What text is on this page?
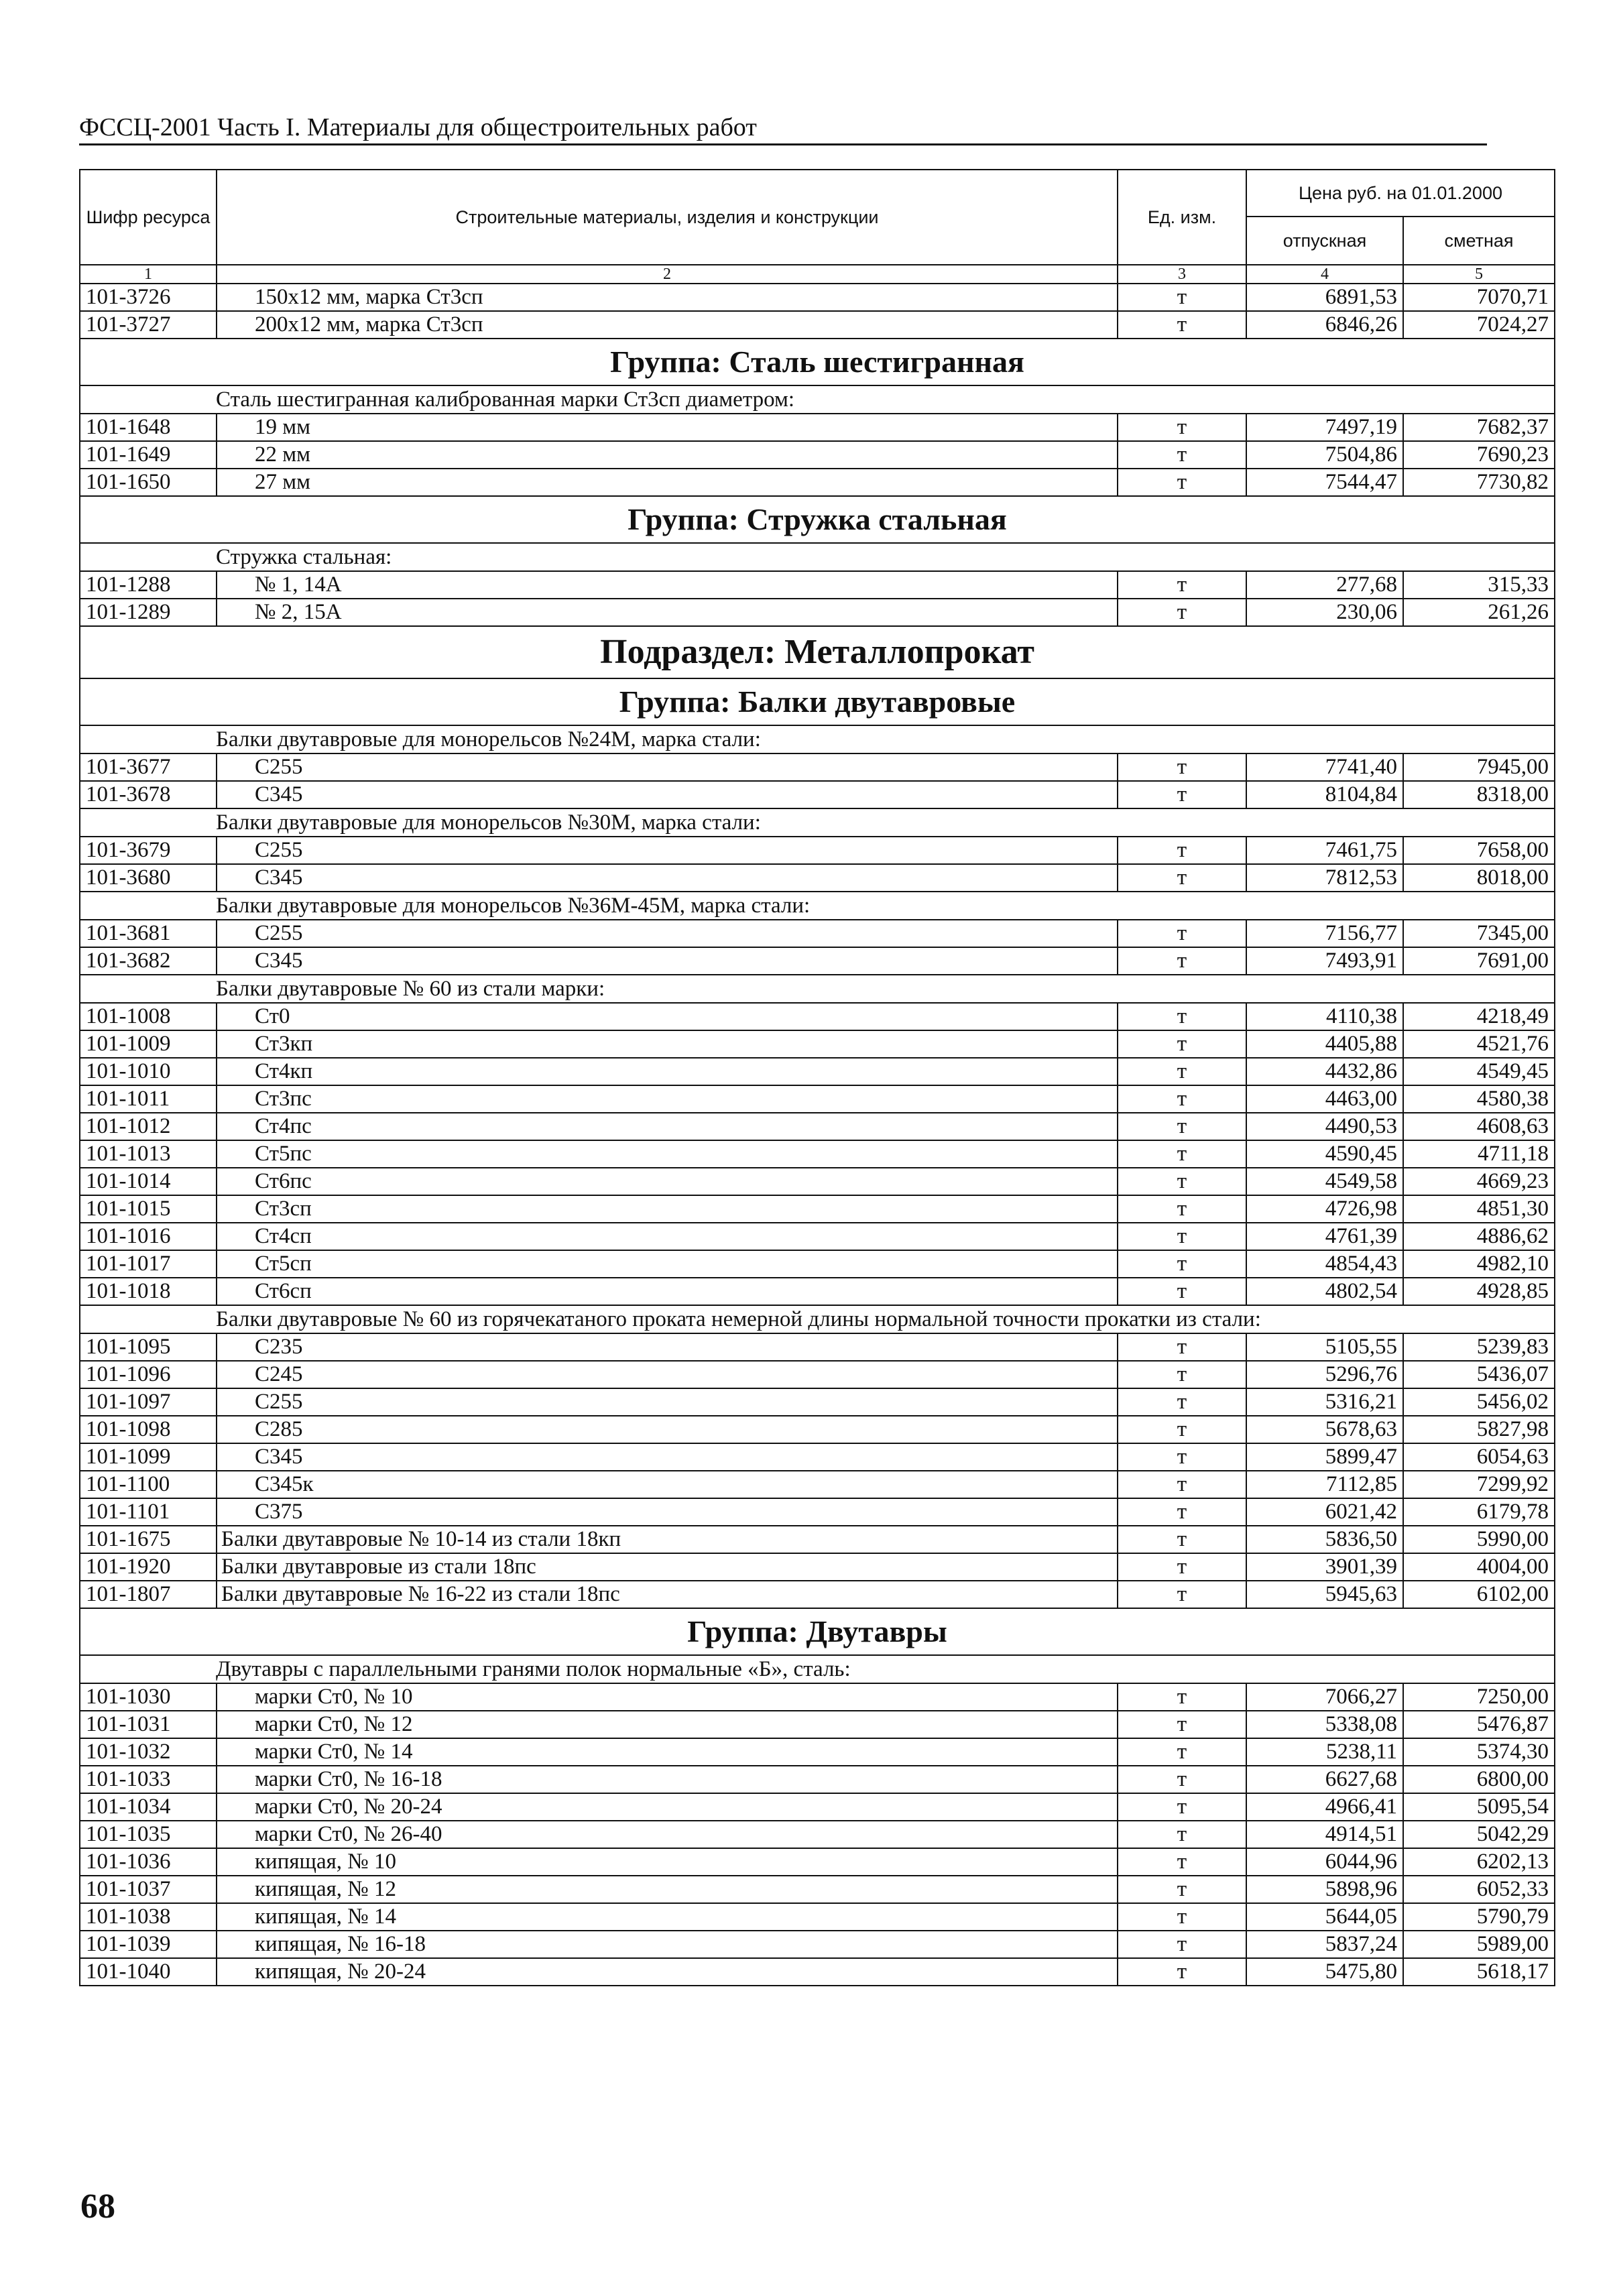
ФССЦ-2001 Часть I. Материалы для общестроительных работ
Шифр ресурса	Строительные материалы, изделия и конструкции	Ед. изм.	Цена руб. на 01.01.2000	
			отпускная	сметная
1	2	3	4	5
101-3726	150х12 мм, марка Ст3сп	т	6891,53	7070,71
101-3727	200х12 мм, марка Ст3сп	т	6846,26	7024,27
Группа: Сталь шестигранная				
Сталь шестигранная калиброванная марки Ст3сп диаметром:				
101-1648	19 мм	т	7497,19	7682,37
101-1649	22 мм	т	7504,86	7690,23
101-1650	27 мм	т	7544,47	7730,82
Группа: Стружка стальная				
Стружка стальная:				
101-1288	№ 1, 14А	т	277,68	315,33
101-1289	№ 2, 15А	т	230,06	261,26
Подраздел: Металлопрокат				
Группа: Балки двутавровые				
Балки двутавровые для монорельсов №24М, марка стали:				
101-3677	С255	т	7741,40	7945,00
101-3678	С345	т	8104,84	8318,00
Балки двутавровые для монорельсов №30М, марка стали:				
101-3679	С255	т	7461,75	7658,00
101-3680	С345	т	7812,53	8018,00
Балки двутавровые для монорельсов №36М-45М, марка стали:				
101-3681	С255	т	7156,77	7345,00
101-3682	С345	т	7493,91	7691,00
Балки двутавровые № 60 из стали марки:				
101-1008	Ст0	т	4110,38	4218,49
101-1009	Ст3кп	т	4405,88	4521,76
101-1010	Ст4кп	т	4432,86	4549,45
101-1011	Ст3пс	т	4463,00	4580,38
101-1012	Ст4пс	т	4490,53	4608,63
101-1013	Ст5пс	т	4590,45	4711,18
101-1014	Ст6пс	т	4549,58	4669,23
101-1015	Ст3сп	т	4726,98	4851,30
101-1016	Ст4сп	т	4761,39	4886,62
101-1017	Ст5сп	т	4854,43	4982,10
101-1018	Ст6сп	т	4802,54	4928,85
Балки двутавровые № 60 из горячекатаного проката немерной длины нормальной точности прокатки из стали:				
101-1095	С235	т	5105,55	5239,83
101-1096	С245	т	5296,76	5436,07
101-1097	С255	т	5316,21	5456,02
101-1098	С285	т	5678,63	5827,98
101-1099	С345	т	5899,47	6054,63
101-1100	С345к	т	7112,85	7299,92
101-1101	С375	т	6021,42	6179,78
101-1675	Балки двутавровые № 10-14 из стали 18кп	т	5836,50	5990,00
101-1920	Балки двутавровые из стали 18пс	т	3901,39	4004,00
101-1807	Балки двутавровые № 16-22 из стали 18пс	т	5945,63	6102,00
Группа: Двутавры				
Двутавры с параллельными гранями полок нормальные «Б», сталь:				
101-1030	марки Ст0, № 10	т	7066,27	7250,00
101-1031	марки Ст0, № 12	т	5338,08	5476,87
101-1032	марки Ст0, № 14	т	5238,11	5374,30
101-1033	марки Ст0, № 16-18	т	6627,68	6800,00
101-1034	марки Ст0, № 20-24	т	4966,41	5095,54
101-1035	марки Ст0, № 26-40	т	4914,51	5042,29
101-1036	кипящая, № 10	т	6044,96	6202,13
101-1037	кипящая, № 12	т	5898,96	6052,33
101-1038	кипящая, № 14	т	5644,05	5790,79
101-1039	кипящая, № 16-18	т	5837,24	5989,00
101-1040	кипящая, № 20-24	т	5475,80	5618,17
68
